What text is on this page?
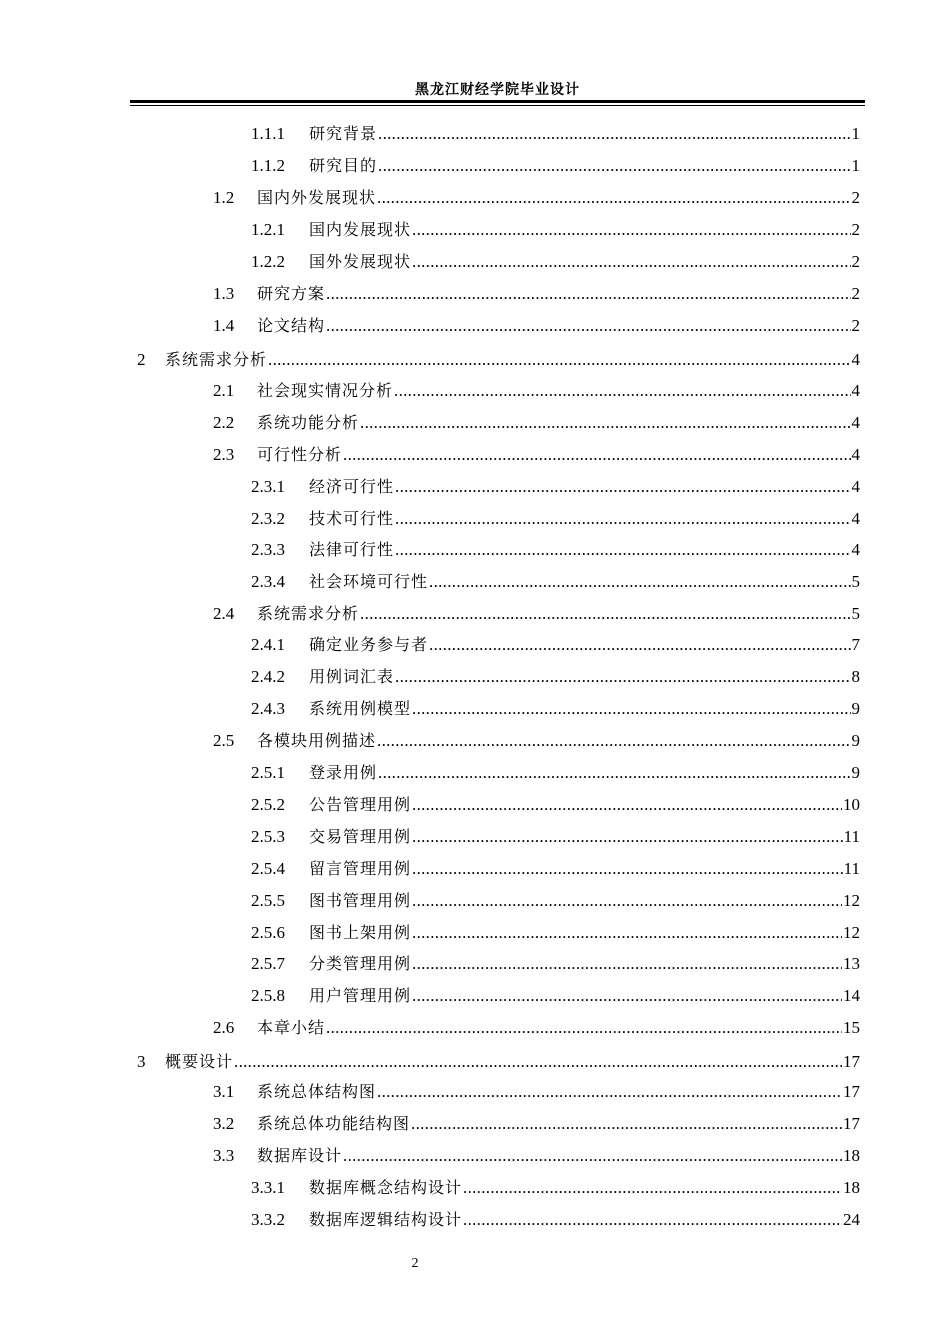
黑龙江财经学院毕业设计
1.1.1	研究背景 .....	1
1.1.2	研究目的 .....	1
1.2	国内外发展现状 .....	2
1.2.1	国内发展现状 .....	2
1.2.2	国外发展现状 .....	2
1.3	研究方案 .....	2
1.4	论文结构 .....	2
2	系统需求分析 .....	4
2.1	社会现实情况分析 .....	4
2.2	系统功能分析 .....	4
2.3	可行性分析 .....	4
2.3.1	经济可行性 .....	4
2.3.2	技术可行性 .....	4
2.3.3	法律可行性 .....	4
2.3.4	社会环境可行性 .....	5
2.4	系统需求分析 .....	5
2.4.1	确定业务参与者 .....	7
2.4.2	用例词汇表 .....	8
2.4.3	系统用例模型 .....	9
2.5	各模块用例描述 .....	9
2.5.1	登录用例 .....	9
2.5.2	公告管理用例 .....	10
2.5.3	交易管理用例 .....	11
2.5.4	留言管理用例 .....	11
2.5.5	图书管理用例 .....	12
2.5.6	图书上架用例 .....	12
2.5.7	分类管理用例 .....	13
2.5.8	用户管理用例 .....	14
2.6	本章小结 .....	15
3	概要设计 .....	17
3.1	系统总体结构图 .....	17
3.2	系统总体功能结构图 .....	17
3.3	数据库设计 .....	18
3.3.1	数据库概念结构设计 .....	18
3.3.2	数据库逻辑结构设计 .....	24
2
